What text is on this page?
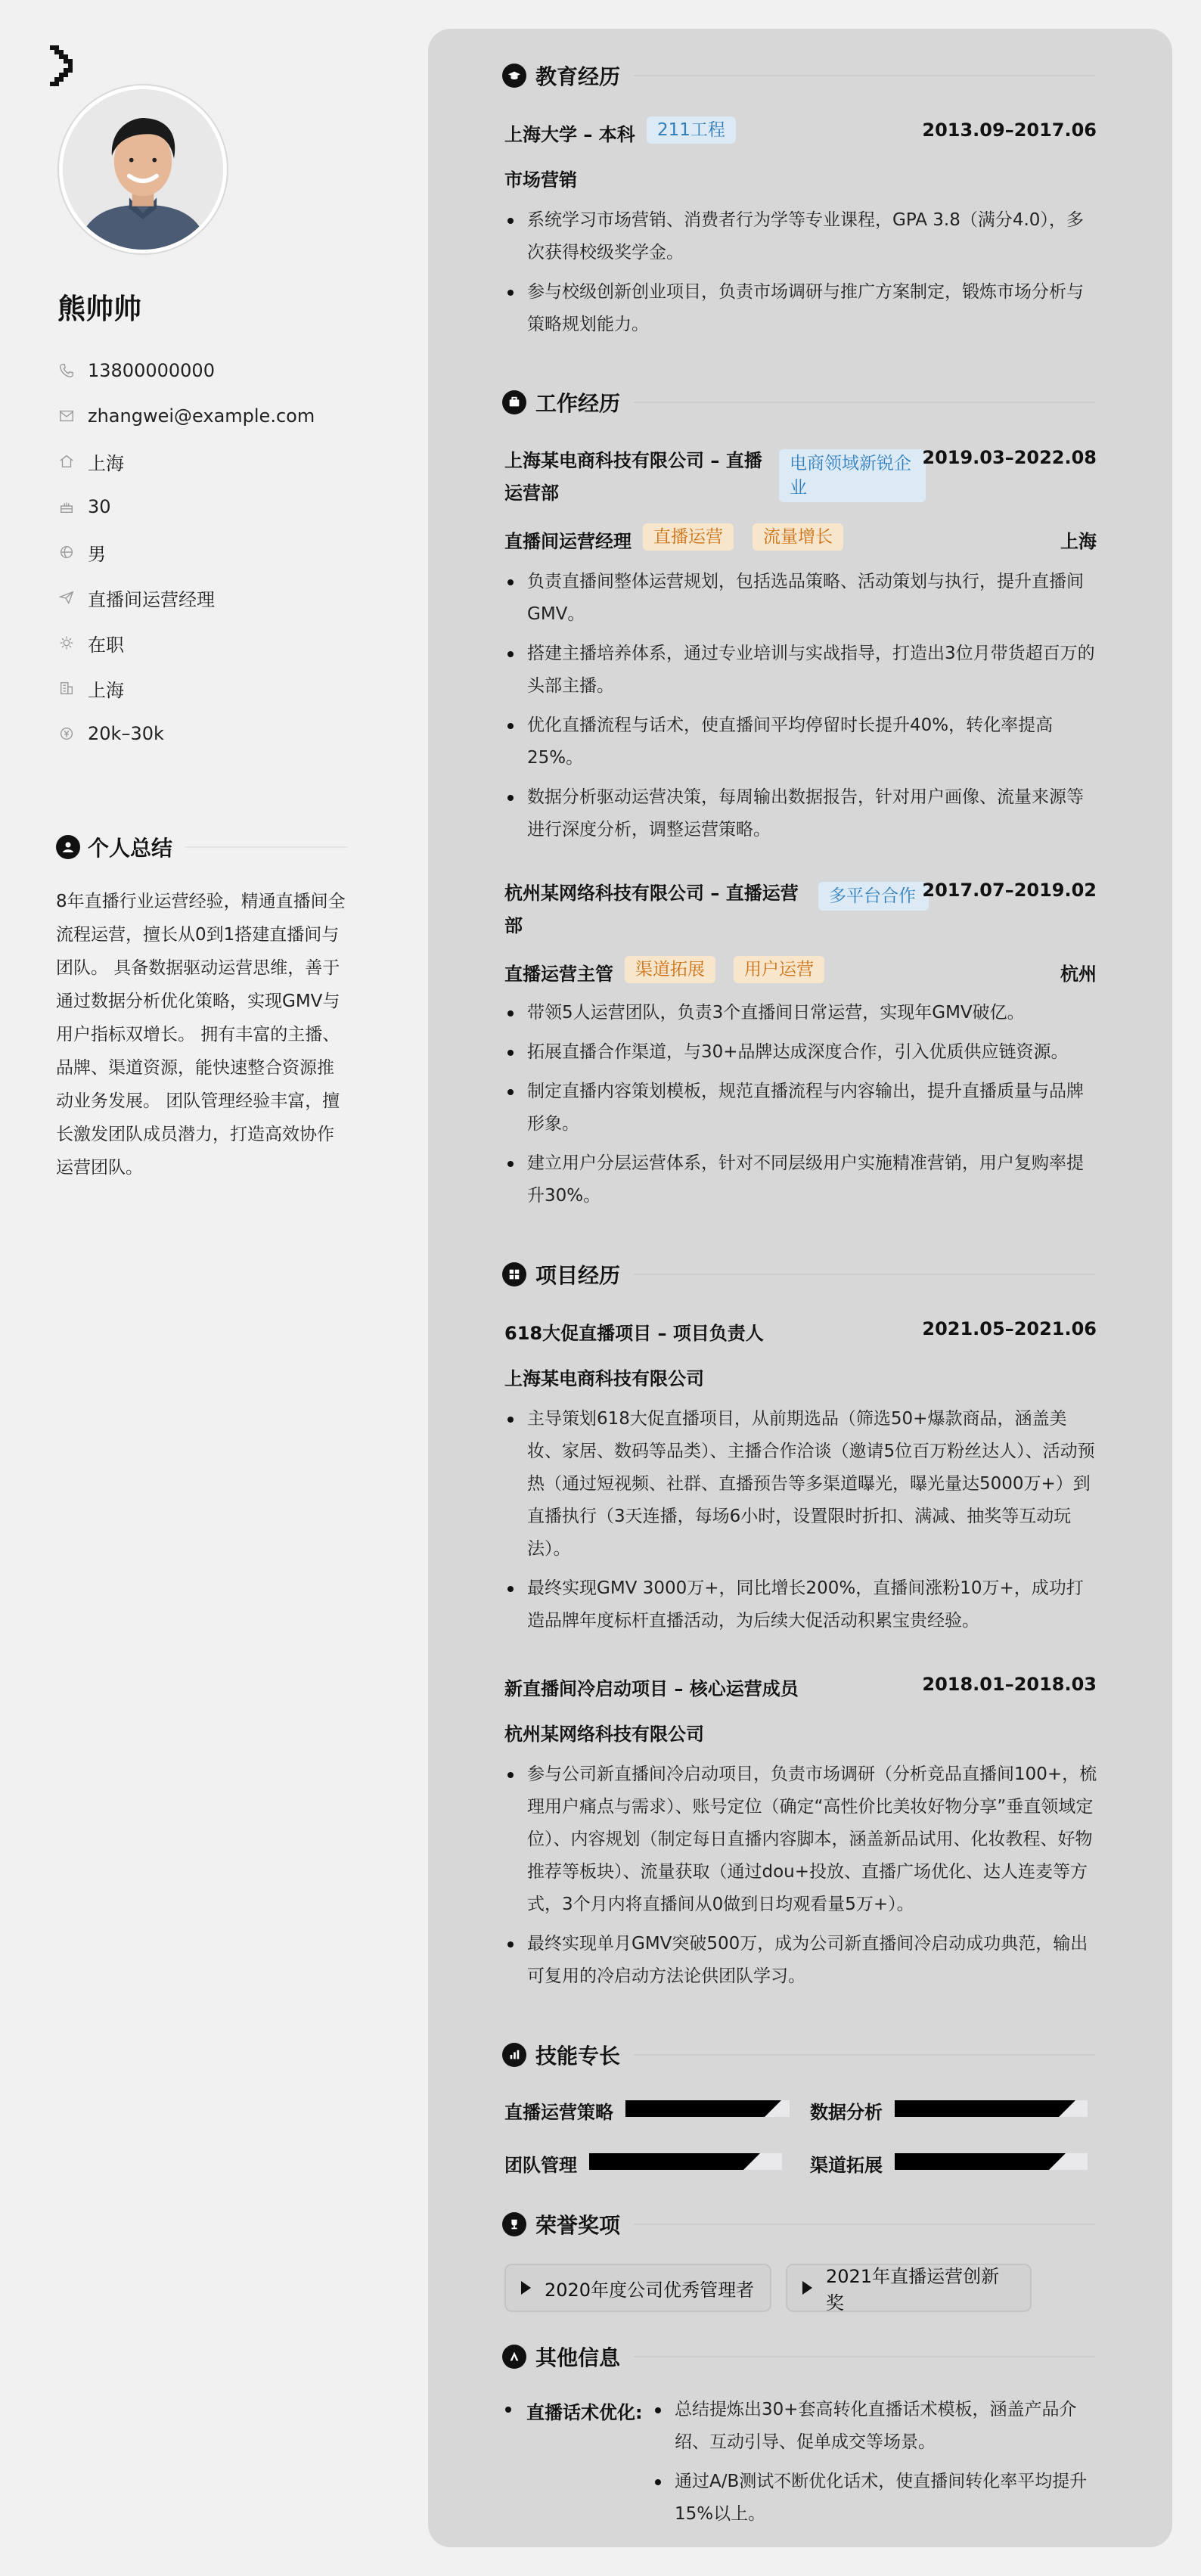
熊帅帅
13800000000
zhangwei@example.com
上海
30
男
直播间运营经理
在职
上海
20k–30k
个人总结
8年直播行业运营经验，精通直播间全流程运营，擅长从0到1搭建直播间与团队。 具备数据驱动运营思维，善于通过数据分析优化策略，实现GMV与用户指标双增长。 拥有丰富的主播、品牌、渠道资源，能快速整合资源推动业务发展。 团队管理经验丰富，擅长激发团队成员潜力，打造高效协作运营团队。
教育经历
上海大学 – 本科	211工程	2013.09–2017.06
市场营销
系统学习市场营销、消费者行为学等专业课程，GPA 3.8（满分4.0），多次获得校级奖学金。
参与校级创新创业项目，负责市场调研与推广方案制定，锻炼市场分析与策略规划能力。
工作经历
上海某电商科技有限公司 – 直播运营部
电商领域新锐企业
2019.03–2022.08
直播间运营经理	直播运营	流量增长	上海
负责直播间整体运营规划，包括选品策略、活动策划与执行，提升直播间GMV。
搭建主播培养体系，通过专业培训与实战指导，打造出3位月带货超百万的头部主播。
优化直播流程与话术，使直播间平均停留时长提升40%，转化率提高25%。
数据分析驱动运营决策，每周输出数据报告，针对用户画像、流量来源等进行深度分析，调整运营策略。
杭州某网络科技有限公司 – 直播运营部
多平台合作 2017.07–2019.02
直播运营主管	渠道拓展	用户运营	杭州
带领5人运营团队，负责3个直播间日常运营，实现年GMV破亿。
拓展直播合作渠道，与30+品牌达成深度合作，引入优质供应链资源。
制定直播内容策划模板，规范直播流程与内容输出，提升直播质量与品牌形象。
建立用户分层运营体系，针对不同层级用户实施精准营销，用户复购率提升30%。
项目经历
618大促直播项目 – 项目负责人	2021.05–2021.06
上海某电商科技有限公司
主导策划618大促直播项目，从前期选品（筛选50+爆款商品，涵盖美妆、家居、数码等品类）、主播合作洽谈（邀请5位百万粉丝达人）、活动预热（通过短视频、社群、直播预告等多渠道曝光，曝光量达5000万+）到直播执行（3天连播，每场6小时，设置限时折扣、满减、抽奖等互动玩法）。
最终实现GMV 3000万+，同比增长200%，直播间涨粉10万+，成功打造品牌年度标杆直播活动，为后续大促活动积累宝贵经验。
新直播间冷启动项目 – 核心运营成员	2018.01–2018.03
杭州某网络科技有限公司
参与公司新直播间冷启动项目，负责市场调研（分析竞品直播间100+，梳理用户痛点与需求）、账号定位（确定“高性价比美妆好物分享”垂直领域定位）、内容规划（制定每日直播内容脚本，涵盖新品试用、化妆教程、好物推荐等板块）、流量获取（通过dou+投放、直播广场优化、达人连麦等方式，3个月内将直播间从0做到日均观看量5万+）。
最终实现单月GMV突破500万，成为公司新直播间冷启动成功典范，输出可复用的冷启动方法论供团队学习。
技能专长
直播运营策略	数据分析
团队管理	渠道拓展
荣誉奖项
2020年度公司优秀管理者
2021年直播运营创新奖
其他信息
直播话术优化:	总结提炼出30+套高转化直播话术模板，涵盖产品介绍、互动引导、促单成交等场景。
通过A/B测试不断优化话术，使直播间转化率平均提升15%以上。
